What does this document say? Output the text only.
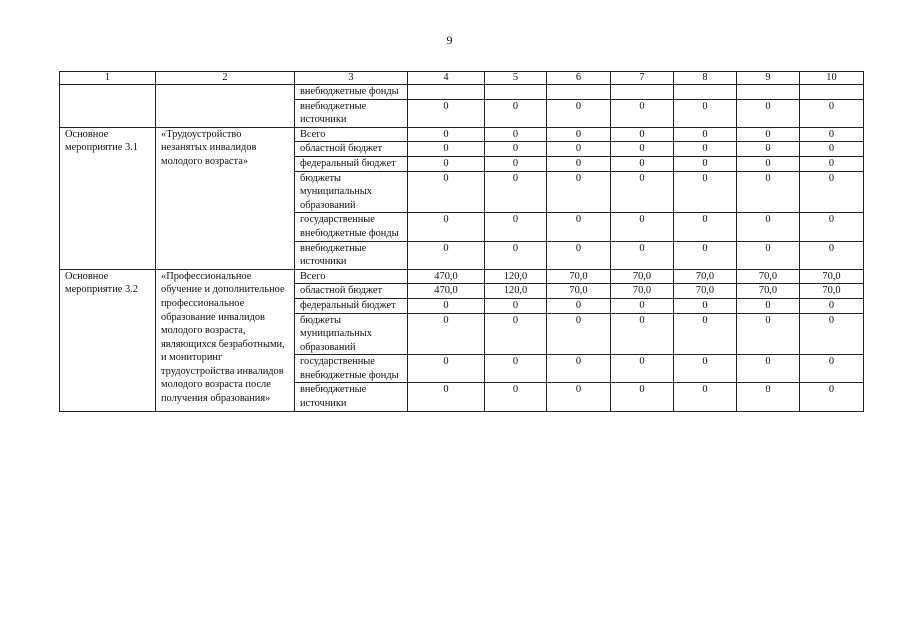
9
1	2	3	4	5	6	7	8	9	10
		внебюджетные фонды							
		внебюджетные источники	0	0	0	0	0	0	0
Основное мероприятие 3.1	«Трудоустройство незанятых инвалидов молодого возраста»	Всего	0	0	0	0	0	0	0
		областной бюджет	0	0	0	0	0	0	0
		федеральный бюджет	0	0	0	0	0	0	0
		бюджеты муниципальных образований	0	0	0	0	0	0	0
		государственные внебюджетные фонды	0	0	0	0	0	0	0
		внебюджетные источники	0	0	0	0	0	0	0
Основное мероприятие 3.2	«Профессиональное обучение и дополнительное профессиональное образование инвалидов молодого возраста, являющихся безработными, и мониторинг трудоустройства инвалидов молодого возраста после получения образования»	Всего	470,0	120,0	70,0	70,0	70,0	70,0	70,0
		областной бюджет	470,0	120,0	70,0	70,0	70,0	70,0	70,0
		федеральный бюджет	0	0	0	0	0	0	0
		бюджеты муниципальных образований	0	0	0	0	0	0	0
		государственные внебюджетные фонды	0	0	0	0	0	0	0
		внебюджетные источники	0	0	0	0	0	0	0
